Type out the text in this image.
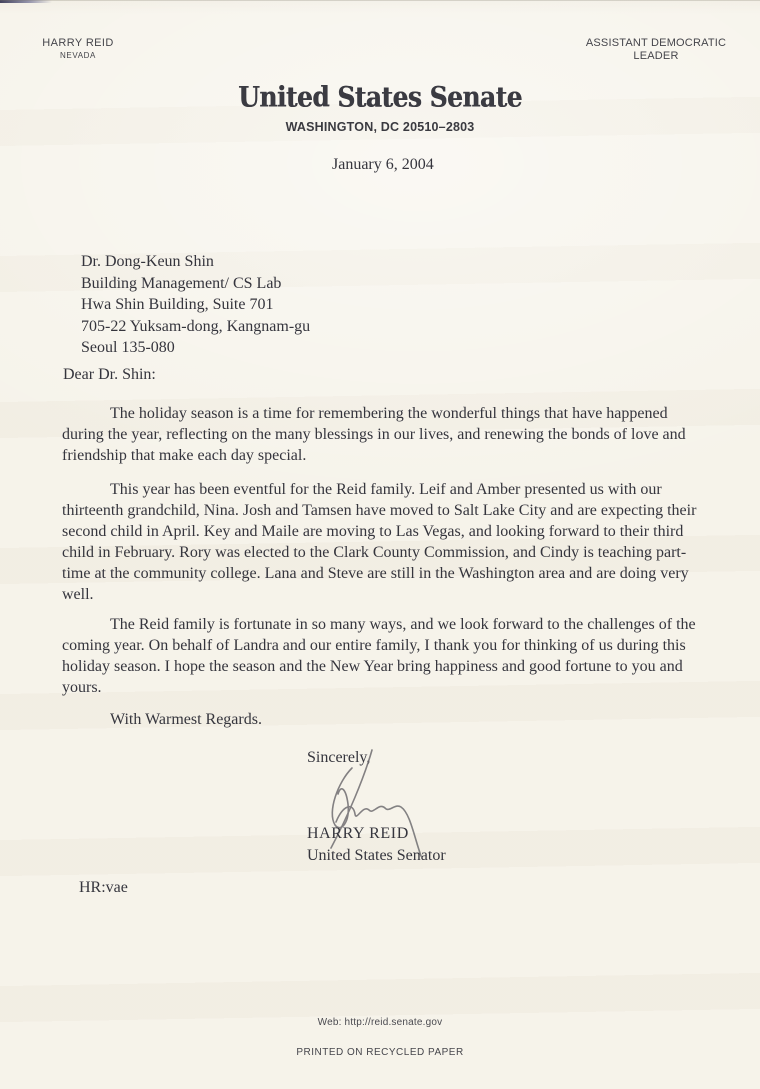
HARRY REID
NEVADA
ASSISTANT DEMOCRATIC
LEADER
United States Senate
WASHINGTON, DC 20510–2803
January 6, 2004
Dr. Dong-Keun Shin
Building Management/ CS Lab
Hwa Shin Building, Suite 701
705-22 Yuksam-dong, Kangnam-gu
Seoul 135-080
Dear Dr. Shin:

The holiday season is a time for remembering the wonderful things that have happened during the year, reflecting on the many blessings in our lives, and renewing the bonds of love and friendship that make each day special.

This year has been eventful for the Reid family. Leif and Amber presented us with our thirteenth grandchild, Nina. Josh and Tamsen have moved to Salt Lake City and are expecting their second child in April. Key and Maile are moving to Las Vegas, and looking forward to their third child in February. Rory was elected to the Clark County Commission, and Cindy is teaching part-time at the community college. Lana and Steve are still in the Washington area and are doing very well.

The Reid family is fortunate in so many ways, and we look forward to the challenges of the coming year. On behalf of Landra and our entire family, I thank you for thinking of us during this holiday season. I hope the season and the New Year bring happiness and good fortune to you and yours.

With Warmest Regards.
Sincerely,
HARRY REID
United States Senator
HR:vae
Web: http://reid.senate.gov
PRINTED ON RECYCLED PAPER
